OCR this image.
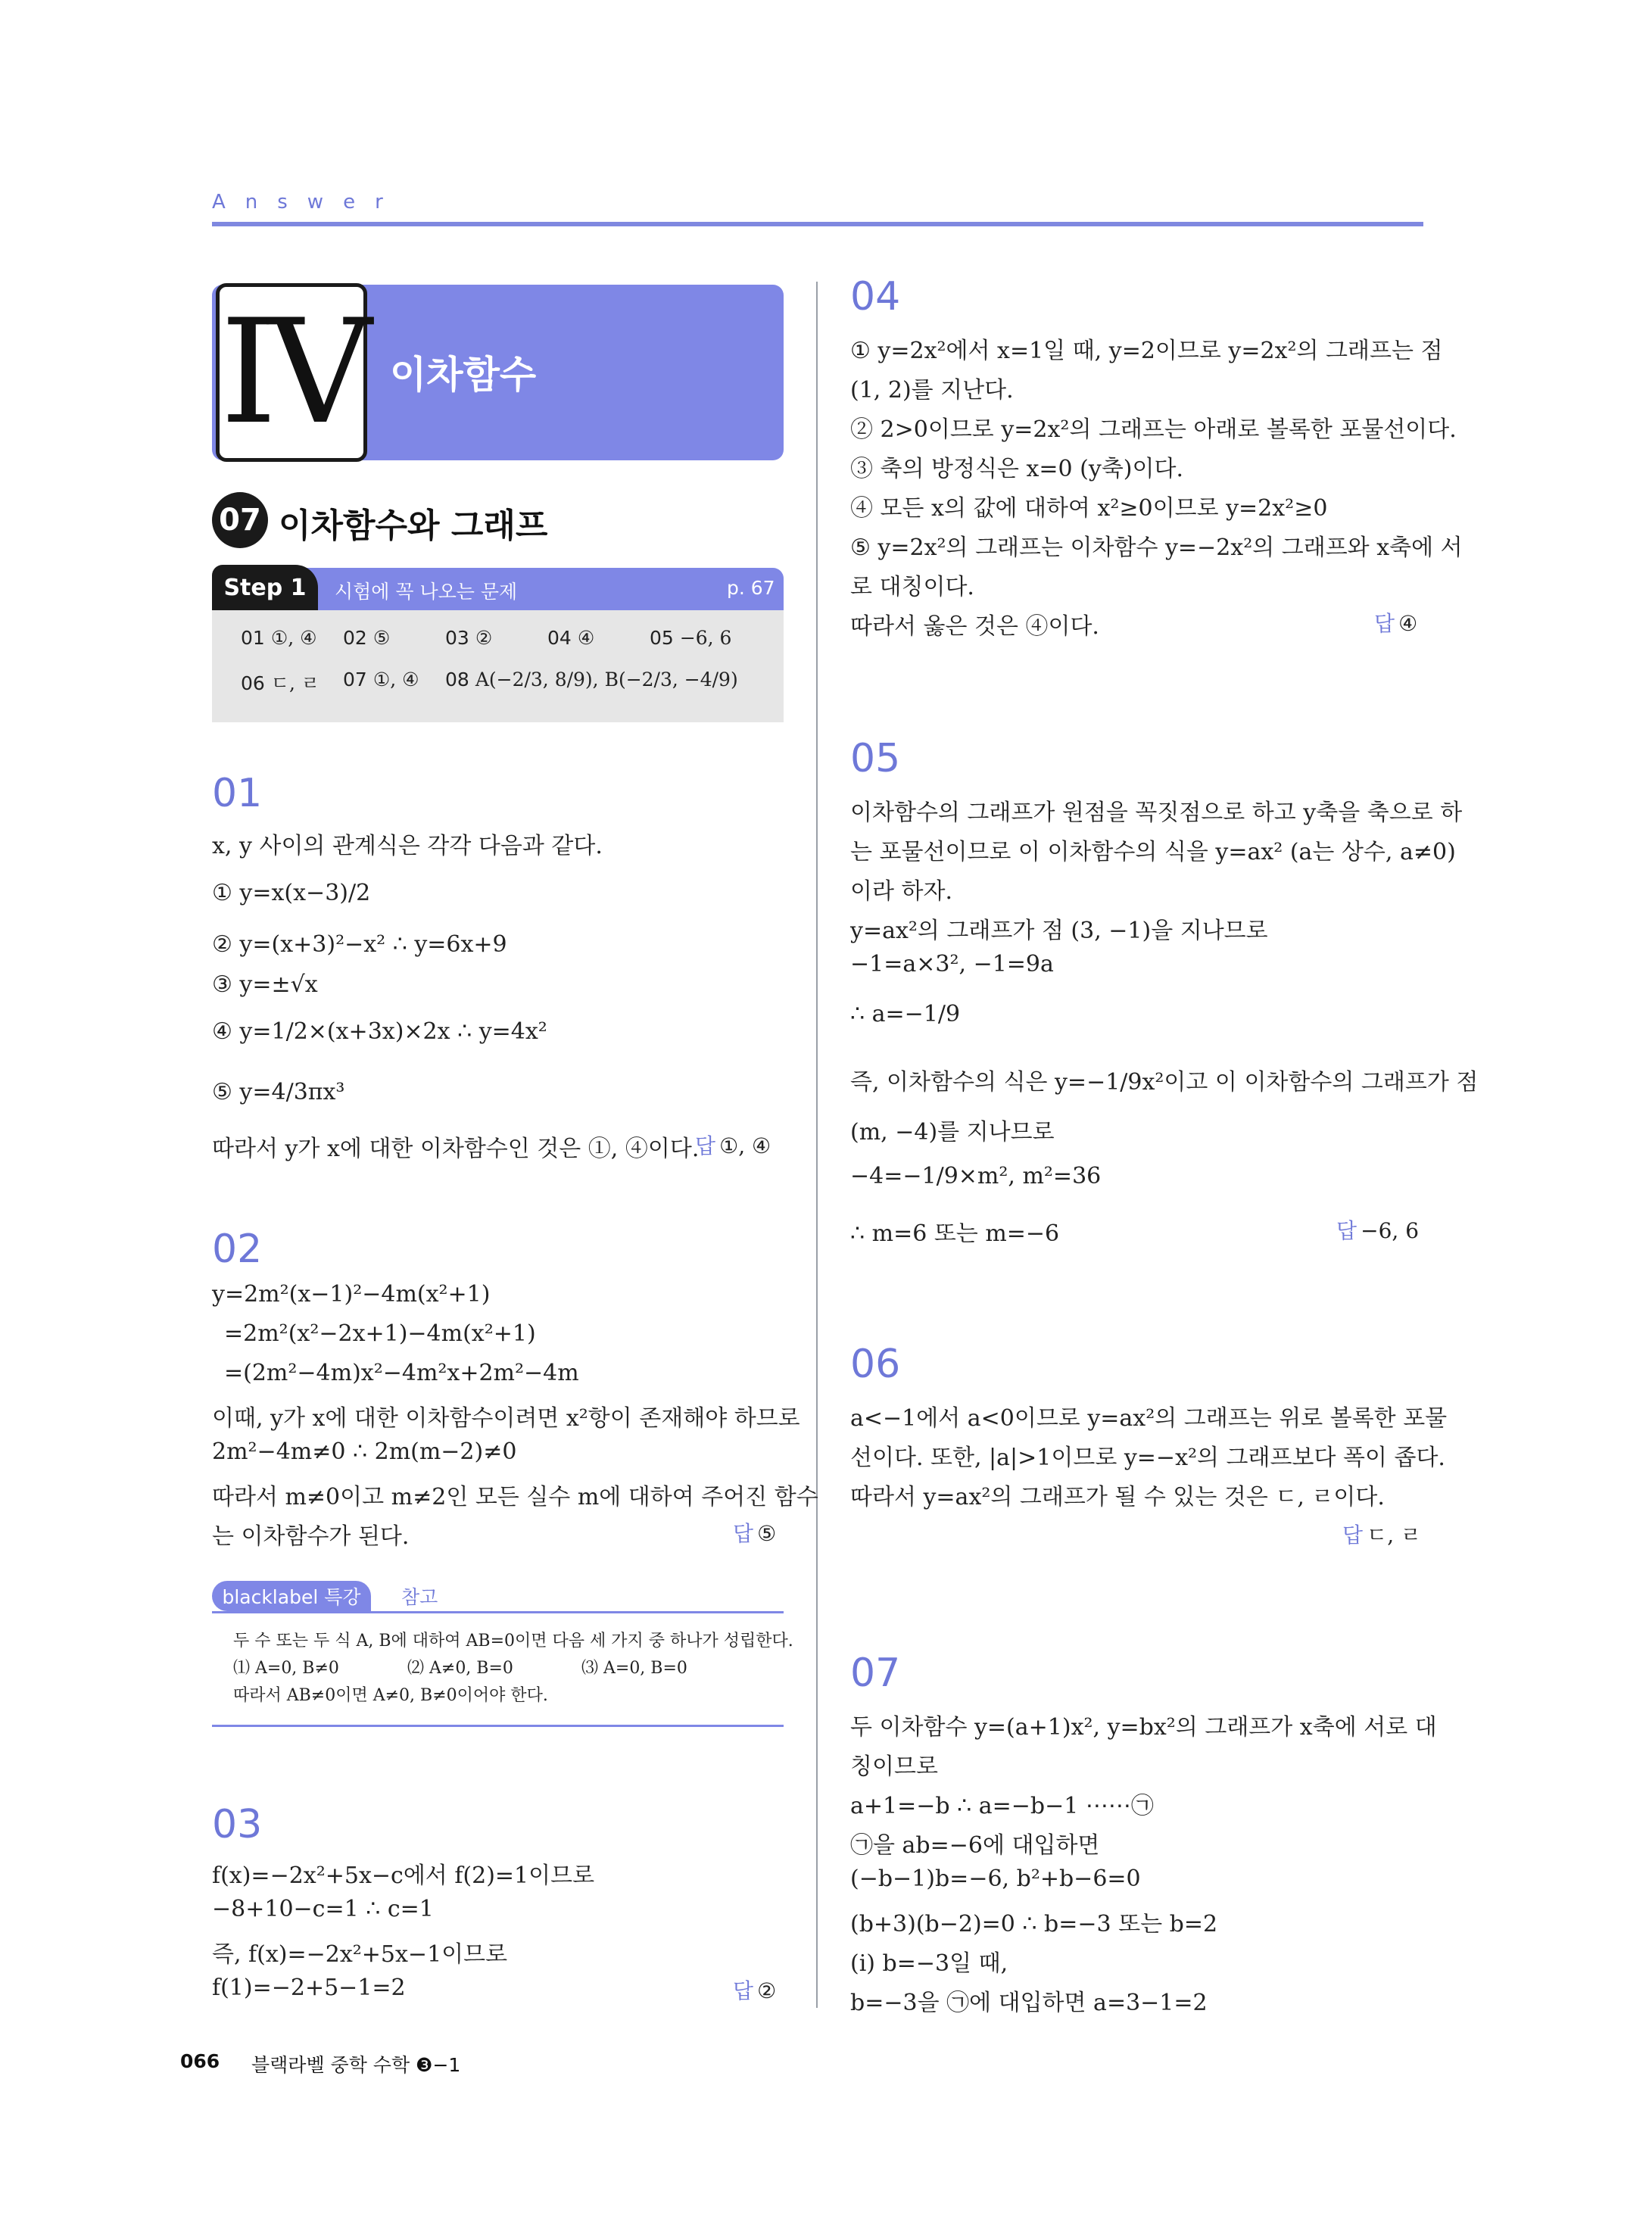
Answer
IV 이차함수
07 이차함수와 그래프
Step 1	시험에 꼭 나오는 문제	p. 67
01 ①, ④ 02 ⑤	03 ②	04 ④	05 −6, 6
06 ㄷ, ㄹ 07 ①, ④ 08 A(−2/3, 8/9), B(−2/3, −4/9)
01
x, y 사이의 관계식은 각각 다음과 같다.
① y=x(x−3)/2
② y=(x+3)²−x² ∴ y=6x+9
③ y=±√x
④ y=1/2×(x+3x)×2x ∴ y=4x²
⑤ y=4/3πx³
따라서 y가 x에 대한 이차함수인 것은 ①, ④이다.
답 ①, ④
02
y=2m²(x−1)²−4m(x²+1)
=2m²(x²−2x+1)−4m(x²+1)
=(2m²−4m)x²−4m²x+2m²−4m
이때, y가 x에 대한 이차함수이려면 x²항이 존재해야 하므로
2m²−4m≠0 ∴ 2m(m−2)≠0
따라서 m≠0이고 m≠2인 모든 실수 m에 대하여 주어진 함수
는 이차함수가 된다.	답 ⑤
blacklabel 특강	참고
두 수 또는 두 식 A, B에 대하여 AB=0이면 다음 세 가지 중 하나가 성립한다.
⑴ A=0, B≠0	⑵ A≠0, B=0	⑶ A=0, B=0
따라서 AB≠0이면 A≠0, B≠0이어야 한다.
03
f(x)=−2x²+5x−c에서 f(2)=1이므로
−8+10−c=1 ∴ c=1
즉, f(x)=−2x²+5x−1이므로
f(1)=−2+5−1=2	답 ②
04
① y=2x²에서 x=1일 때, y=2이므로 y=2x²의 그래프는 점
(1, 2)를 지난다.
② 2>0이므로 y=2x²의 그래프는 아래로 볼록한 포물선이다.
③ 축의 방정식은 x=0 (y축)이다.
④ 모든 x의 값에 대하여 x²≥0이므로 y=2x²≥0
⑤ y=2x²의 그래프는 이차함수 y=−2x²의 그래프와 x축에 서
로 대칭이다.
따라서 옳은 것은 ④이다.	답 ④
05
이차함수의 그래프가 원점을 꼭짓점으로 하고 y축을 축으로 하
는 포물선이므로 이 이차함수의 식을 y=ax² (a는 상수, a≠0)
이라 하자.
y=ax²의 그래프가 점 (3, −1)을 지나므로
−1=a×3², −1=9a
∴ a=−1/9
즉, 이차함수의 식은 y=−1/9x²이고 이 이차함수의 그래프가 점
(m, −4)를 지나므로
−4=−1/9×m², m²=36
∴ m=6 또는 m=−6	답 −6, 6
06
a<−1에서 a<0이므로 y=ax²의 그래프는 위로 볼록한 포물
선이다. 또한, |a|>1이므로 y=−x²의 그래프보다 폭이 좁다.
따라서 y=ax²의 그래프가 될 수 있는 것은 ㄷ, ㄹ이다.
답 ㄷ, ㄹ
07
두 이차함수 y=(a+1)x², y=bx²의 그래프가 x축에 서로 대
칭이므로
a+1=−b ∴ a=−b−1 ⋯⋯㉠
㉠을 ab=−6에 대입하면
(−b−1)b=−6, b²+b−6=0
(b+3)(b−2)=0 ∴ b=−3 또는 b=2
(ⅰ) b=−3일 때,
b=−3을 ㉠에 대입하면 a=3−1=2
066 블랙라벨 중학 수학 ❸−1
